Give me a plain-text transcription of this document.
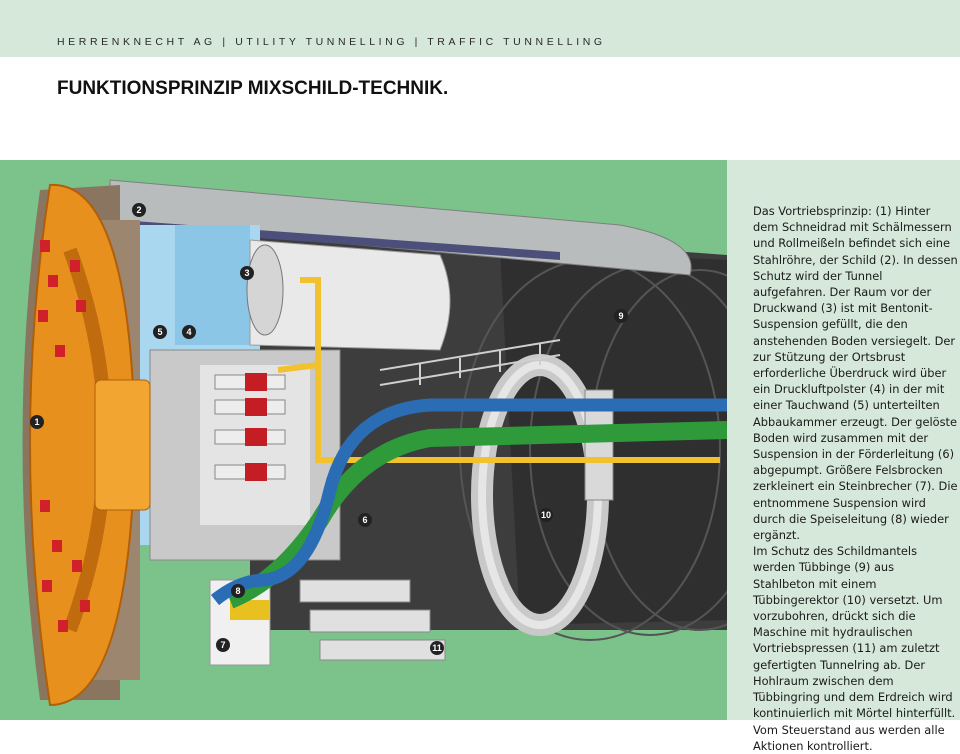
HERRENKNECHT AG | UTILITY TUNNELLING | TRAFFIC TUNNELLING
FUNKTIONSPRINZIP MIXSCHILD-TECHNIK.
1
2
3
4
5
6
7
8
9
10
11

Das Vortriebsprinzip: (1) Hinter dem Schneidrad mit Schälmessern und Rollmeißeln befindet sich eine Stahlröhre, der Schild (2). In dessen Schutz wird der Tunnel aufgefahren. Der Raum vor der Druckwand (3) ist mit Bentonit-Suspension gefüllt, die den anstehenden Boden versiegelt. Der zur Stützung der Ortsbrust erforderliche Überdruck wird über ein Druckluftpolster (4) in der mit einer Tauchwand (5) unterteilten Abbaukammer erzeugt. Der gelöste Boden wird zusammen mit der Suspension in der Förderleitung (6) abgepumpt. Größere Felsbrocken zerkleinert ein Steinbrecher (7). Die entnommene Suspension wird durch die Speiseleitung (8) wieder ergänzt.
Im Schutz des Schildmantels werden Tübbinge (9) aus Stahlbeton mit einem Tübbingerektor (10) versetzt. Um vorzubohren, drückt sich die Maschine mit hydraulischen Vortriebspressen (11) am zuletzt gefertigten Tunnelring ab. Der Hohlraum zwischen dem Tübbingring und dem Erdreich wird kontinuierlich mit Mörtel hinterfüllt. Vom Steuerstand aus werden alle Aktionen kontrolliert.
